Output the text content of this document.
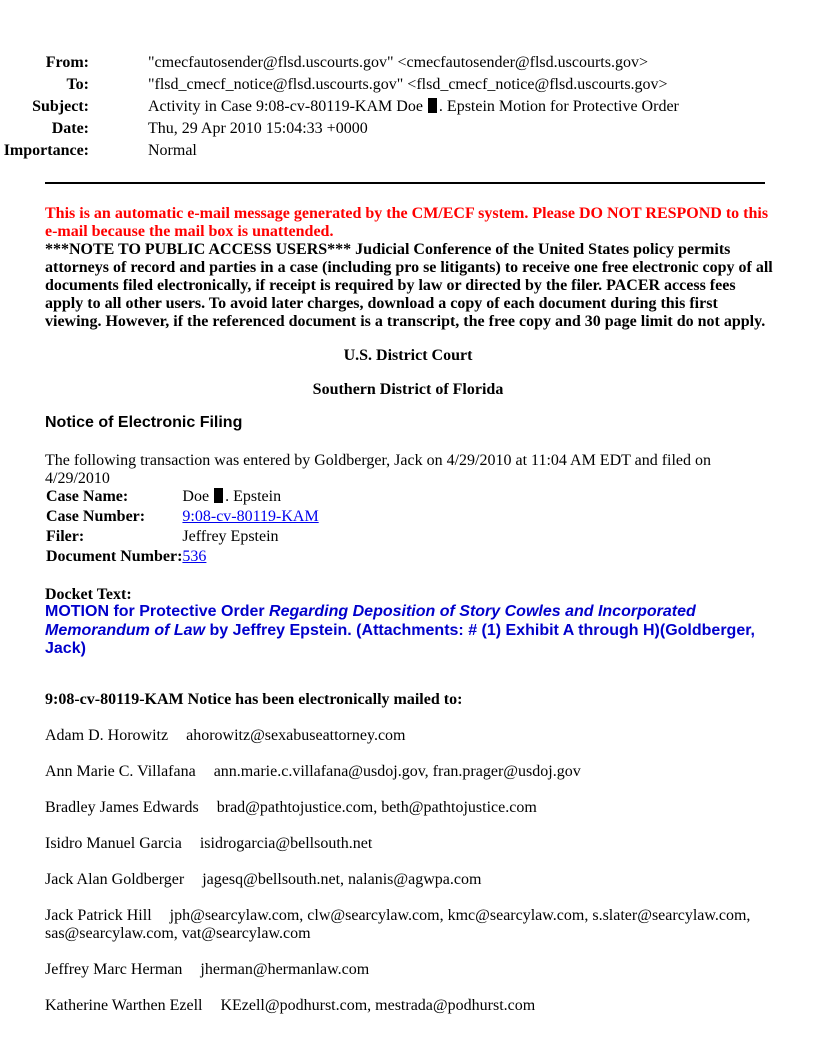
From:	"cmecfautosender@flsd.uscourts.gov" <cmecfautosender@flsd.uscourts.gov>
To:	"flsd_cmecf_notice@flsd.uscourts.gov" <flsd_cmecf_notice@flsd.uscourts.gov>
Subject:	Activity in Case 9:08-cv-80119-KAM Doe . Epstein Motion for Protective Order
Date:	Thu, 29 Apr 2010 15:04:33 +0000
Importance:	Normal
This is an automatic e-mail message generated by the CM/ECF system. Please DO NOT RESPOND to this e-mail because the mail box is unattended.
***NOTE TO PUBLIC ACCESS USERS*** Judicial Conference of the United States policy permits attorneys of record and parties in a case (including pro se litigants) to receive one free electronic copy of all documents filed electronically, if receipt is required by law or directed by the filer. PACER access fees apply to all other users. To avoid later charges, download a copy of each document during this first viewing. However, if the referenced document is a transcript, the free copy and 30 page limit do not apply.
U.S. District Court
Southern District of Florida
Notice of Electronic Filing
The following transaction was entered by Goldberger, Jack on 4/29/2010 at 11:04 AM EDT and filed on 4/29/2010
Case Name:	Doe . Epstein
Case Number:	9:08-cv-80119-KAM
Filer:	Jeffrey Epstein
Document Number:	536
Docket Text:
MOTION for Protective Order Regarding Deposition of Story Cowles and Incorporated Memorandum of Law by Jeffrey Epstein. (Attachments: # (1) Exhibit A through H)(Goldberger, Jack)
9:08-cv-80119-KAM Notice has been electronically mailed to:
Adam D. Horowitz ahorowitz@sexabuseattorney.com
Ann Marie C. Villafana ann.marie.c.villafana@usdoj.gov, fran.prager@usdoj.gov
Bradley James Edwards brad@pathtojustice.com, beth@pathtojustice.com
Isidro Manuel Garcia isidrogarcia@bellsouth.net
Jack Alan Goldberger jagesq@bellsouth.net, nalanis@agwpa.com
Jack Patrick Hill jph@searcylaw.com, clw@searcylaw.com, kmc@searcylaw.com, s.slater@searcylaw.com, sas@searcylaw.com, vat@searcylaw.com
Jeffrey Marc Herman jherman@hermanlaw.com
Katherine Warthen Ezell KEzell@podhurst.com, mestrada@podhurst.com
